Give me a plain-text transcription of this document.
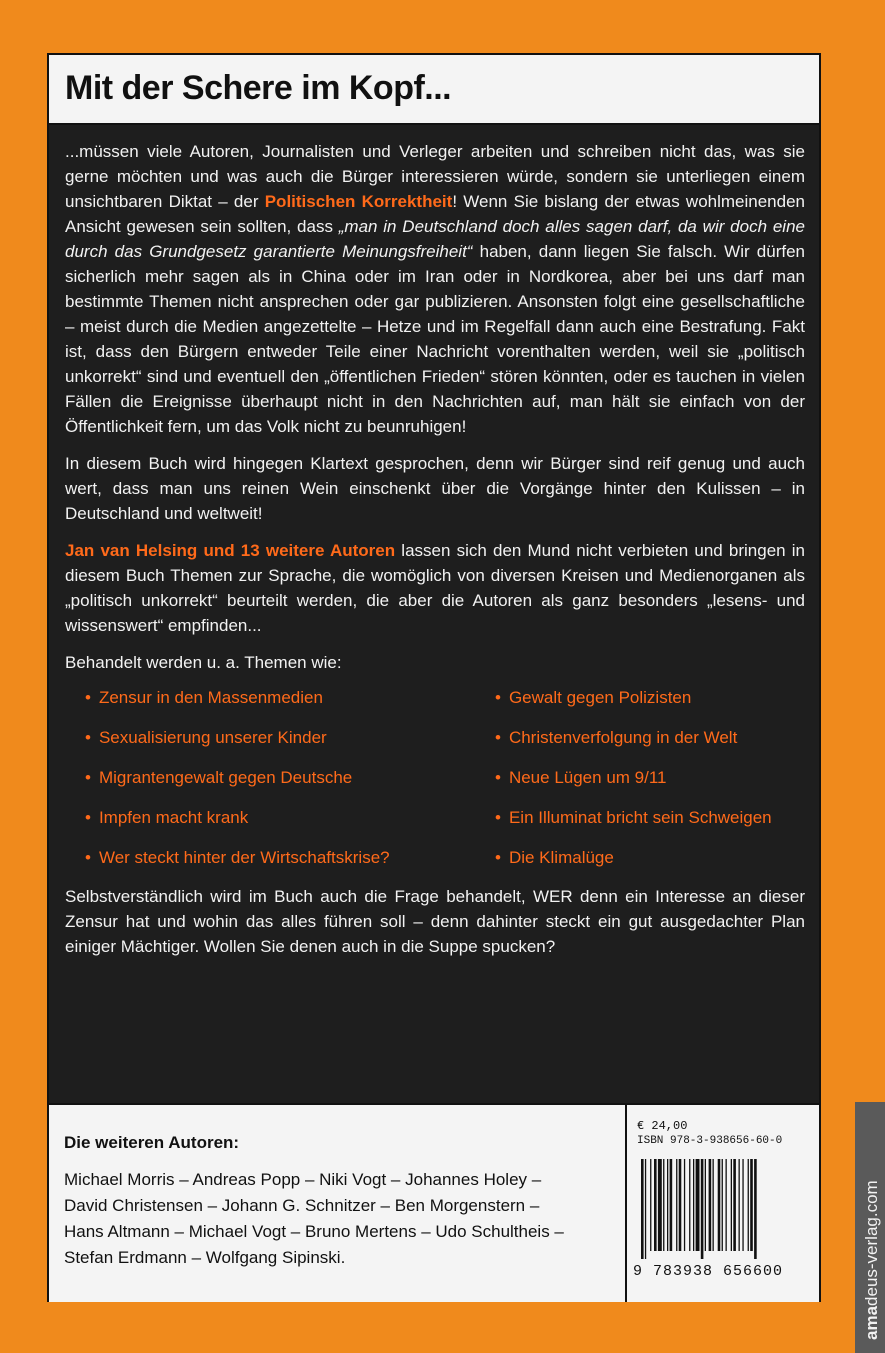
Mit der Schere im Kopf...

...müssen viele Autoren, Journalisten und Verleger arbeiten und schreiben nicht das, was sie gerne möchten und was auch die Bürger interessieren würde, sondern sie unterliegen einem unsichtbaren Diktat – der Politischen Korrektheit! Wenn Sie bislang der etwas wohlmeinenden Ansicht gewesen sein sollten, dass „man in Deutschland doch alles sagen darf, da wir doch eine durch das Grundgesetz garantierte Meinungsfreiheit“ haben, dann liegen Sie falsch. Wir dürfen sicherlich mehr sagen als in China oder im Iran oder in Nordkorea, aber bei uns darf man bestimmte Themen nicht ansprechen oder gar publizieren. Ansonsten folgt eine gesellschaftliche – meist durch die Medien angezettelte – Hetze und im Regelfall dann auch eine Bestrafung. Fakt ist, dass den Bürgern entweder Teile einer Nachricht vorenthalten werden, weil sie „politisch unkorrekt“ sind und eventuell den „öffentlichen Frieden“ stören könnten, oder es tauchen in vielen Fällen die Ereignisse überhaupt nicht in den Nachrichten auf, man hält sie einfach von der Öffentlichkeit fern, um das Volk nicht zu beunruhigen!

In diesem Buch wird hingegen Klartext gesprochen, denn wir Bürger sind reif genug und auch wert, dass man uns reinen Wein einschenkt über die Vorgänge hinter den Kulissen – in Deutschland und weltweit!

Jan van Helsing und 13 weitere Autoren lassen sich den Mund nicht verbieten und bringen in diesem Buch Themen zur Sprache, die womöglich von diversen Kreisen und Medienorganen als „politisch unkorrekt“ beurteilt werden, die aber die Autoren als ganz besonders „lesens- und wissenswert“ empfinden...

Behandelt werden u. a. Themen wie:
• Zensur in den Massenmedien	• Gewalt gegen Polizisten
• Sexualisierung unserer Kinder	• Christenverfolgung in der Welt
• Migrantengewalt gegen Deutsche	• Neue Lügen um 9/11
• Impfen macht krank	• Ein Illuminat bricht sein Schweigen
• Wer steckt hinter der Wirtschaftskrise?	• Die Klimalüge

Selbstverständlich wird im Buch auch die Frage behandelt, WER denn ein Interesse an dieser Zensur hat und wohin das alles führen soll – denn dahinter steckt ein gut ausgedachter Plan einiger Mächtiger. Wollen Sie denen auch in die Suppe spucken?

Die weiteren Autoren:
Michael Morris – Andreas Popp – Niki Vogt – Johannes Holey –
David Christensen – Johann G. Schnitzer – Ben Morgenstern –
Hans Altmann – Michael Vogt – Bruno Mertens – Udo Schultheis –
Stefan Erdmann – Wolfgang Sipinski.
€ 24,00
ISBN 978-3-938656-60-0
9 783938 656600
amadeus-verlag.com
